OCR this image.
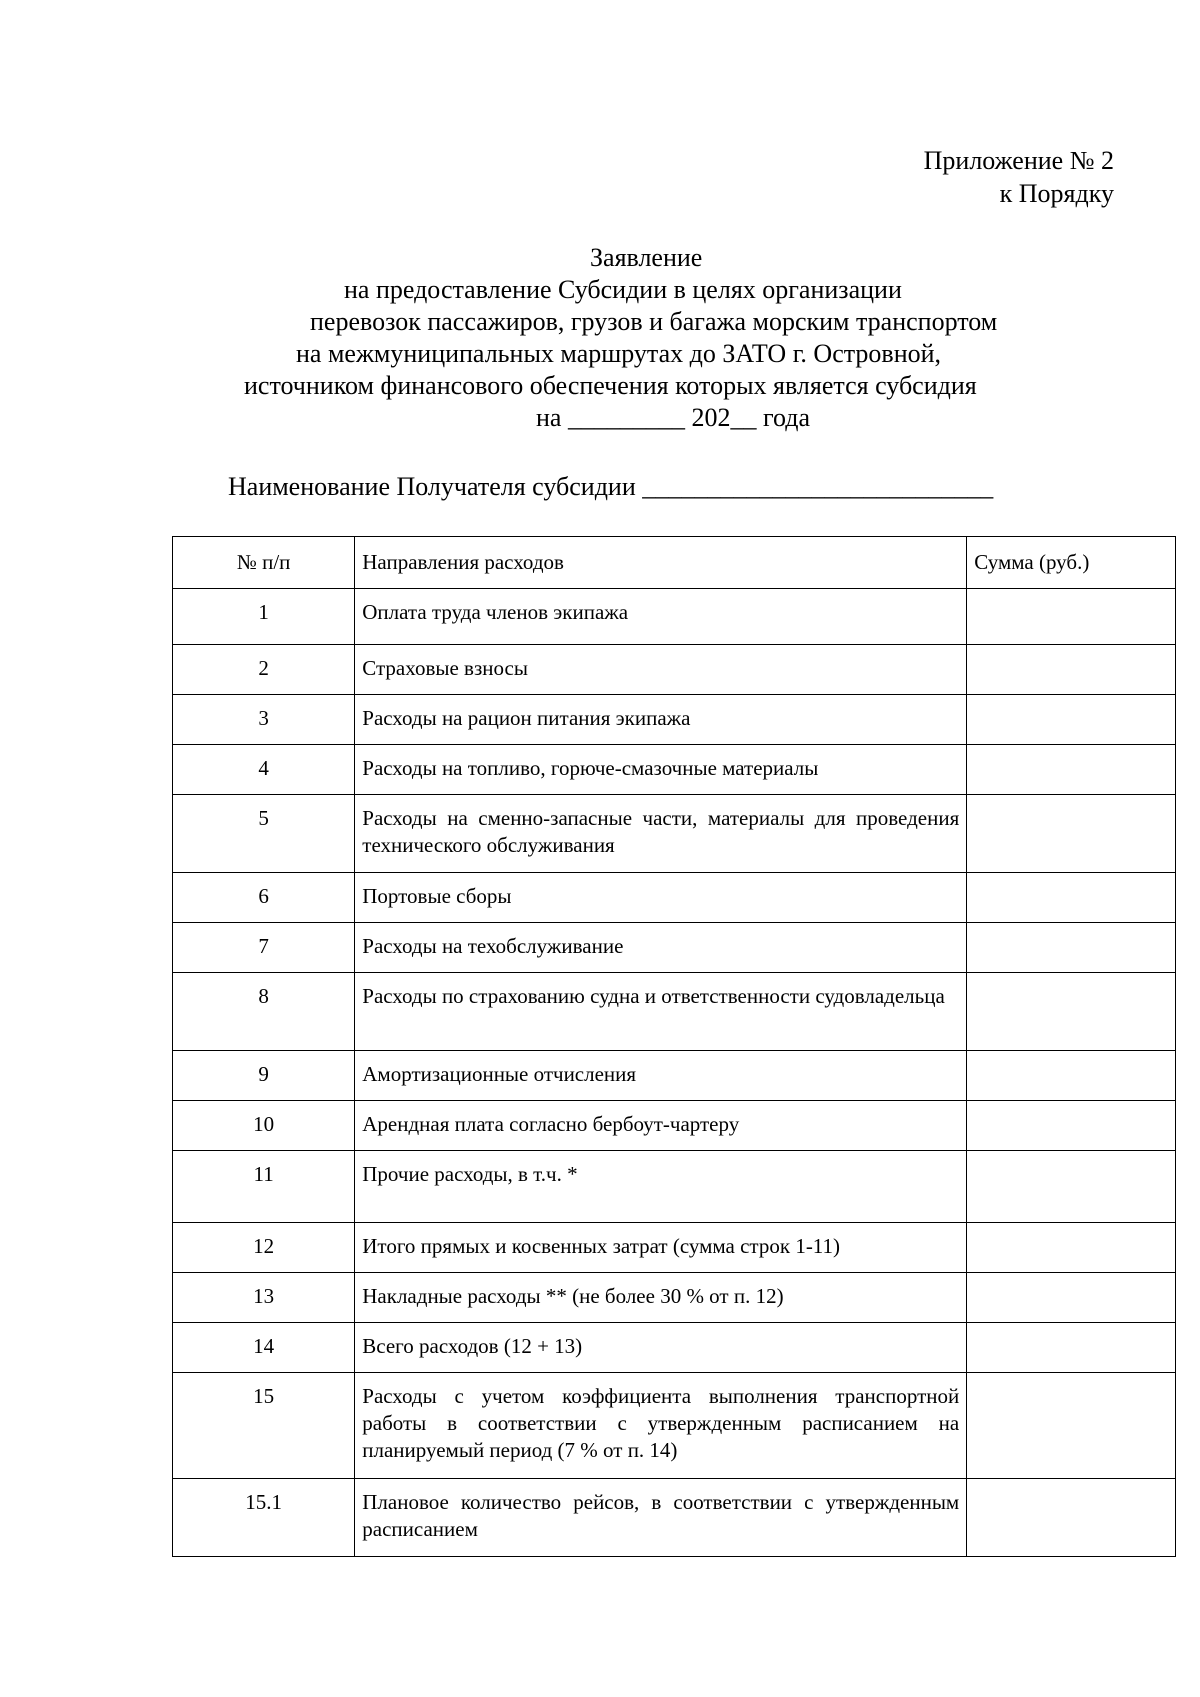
Приложение № 2
к Порядку
Заявление
на предоставление Субсидии в целях организации
перевозок пассажиров, грузов и багажа морским транспортом
на межмуниципальных маршрутах до ЗАТО г. Островной,
источником финансового обеспечения которых является субсидия
на _________ 202__ года
Наименование Получателя субсидии ___________________________
№ п/п	Направления расходов	Сумма (руб.)
1	Оплата труда членов экипажа	
2	Страховые взносы	
3	Расходы на рацион питания экипажа	
4	Расходы на топливо, горюче-смазочные материалы	
5	Расходы на сменно-запасные части, материалы для проведения технического обслуживания	
6	Портовые сборы	
7	Расходы на техобслуживание	
8	Расходы по страхованию судна и ответственности судовладельца	
9	Амортизационные отчисления	
10	Арендная плата согласно бербоут-чартеру	
11	Прочие расходы, в т.ч. *	
12	Итого прямых и косвенных затрат (сумма строк 1-11)	
13	Накладные расходы ** (не более 30 % от п. 12)	
14	Всего расходов (12 + 13)	
15	Расходы с учетом коэффициента выполнения транспортной работы в соответствии с утвержденным расписанием на планируемый период (7 % от п. 14)	
15.1	Плановое количество рейсов, в соответствии с утвержденным расписанием	
